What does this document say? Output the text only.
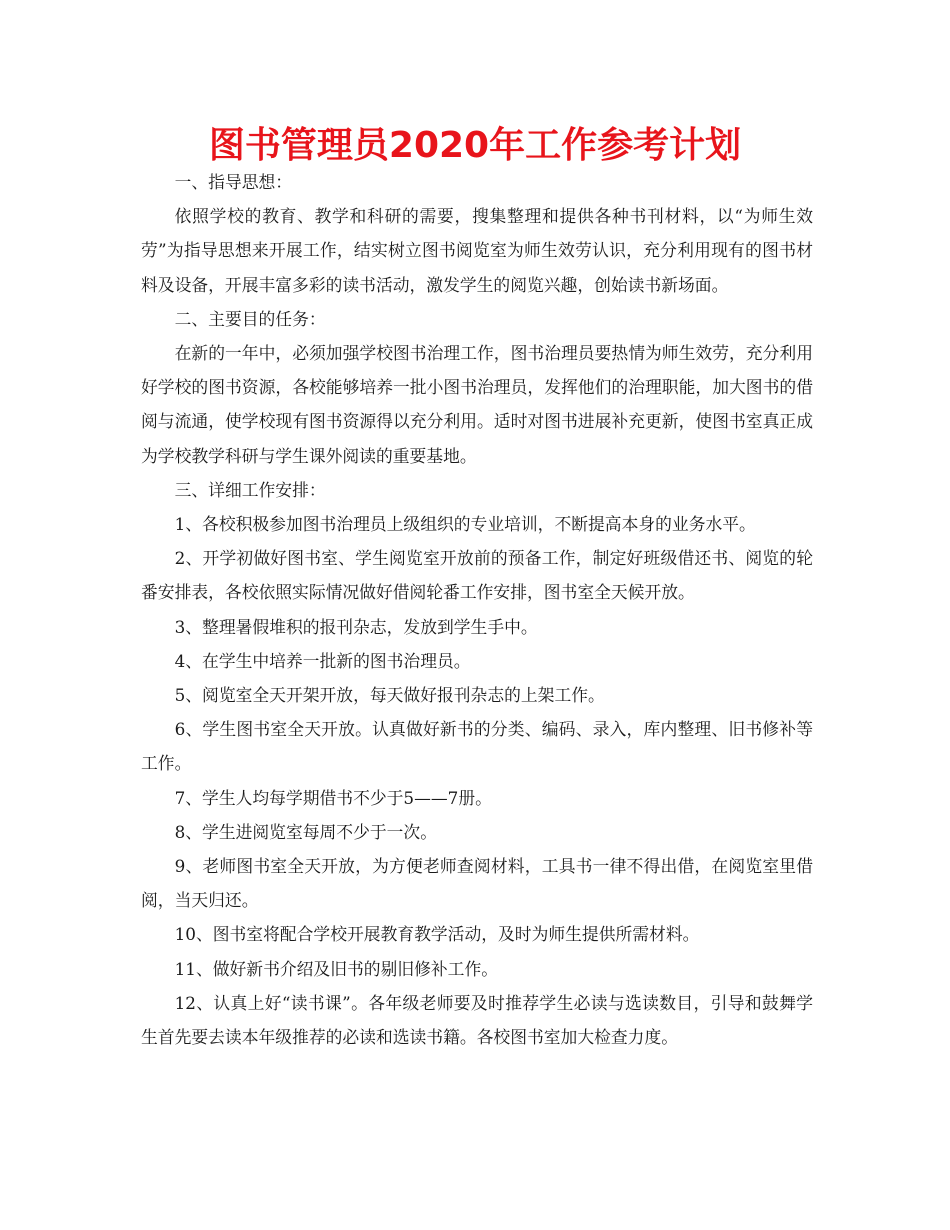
图书管理员2020年工作参考计划

一、指导思想：

依照学校的教育、教学和科研的需要，搜集整理和提供各种书刊材料，以“为师生效劳”为指导思想来开展工作，结实树立图书阅览室为师生效劳认识，充分利用现有的图书材料及设备，开展丰富多彩的读书活动，激发学生的阅览兴趣，创始读书新场面。

二、主要目的任务：

在新的一年中，必须加强学校图书治理工作，图书治理员要热情为师生效劳，充分利用好学校的图书资源，各校能够培养一批小图书治理员，发挥他们的治理职能，加大图书的借阅与流通，使学校现有图书资源得以充分利用。适时对图书进展补充更新，使图书室真正成为学校教学科研与学生课外阅读的重要基地。

三、详细工作安排：

1、各校积极参加图书治理员上级组织的专业培训，不断提高本身的业务水平。

2、开学初做好图书室、学生阅览室开放前的预备工作，制定好班级借还书、阅览的轮番安排表，各校依照实际情况做好借阅轮番工作安排，图书室全天候开放。

3、整理暑假堆积的报刊杂志，发放到学生手中。

4、在学生中培养一批新的图书治理员。

5、阅览室全天开架开放，每天做好报刊杂志的上架工作。

6、学生图书室全天开放。认真做好新书的分类、编码、录入，库内整理、旧书修补等工作。

7、学生人均每学期借书不少于5——7册。

8、学生进阅览室每周不少于一次。

9、老师图书室全天开放，为方便老师查阅材料，工具书一律不得出借，在阅览室里借阅，当天归还。

10、图书室将配合学校开展教育教学活动，及时为师生提供所需材料。

11、做好新书介绍及旧书的剔旧修补工作。

12、认真上好“读书课”。各年级老师要及时推荐学生必读与选读数目，引导和鼓舞学生首先要去读本年级推荐的必读和选读书籍。各校图书室加大检查力度。
